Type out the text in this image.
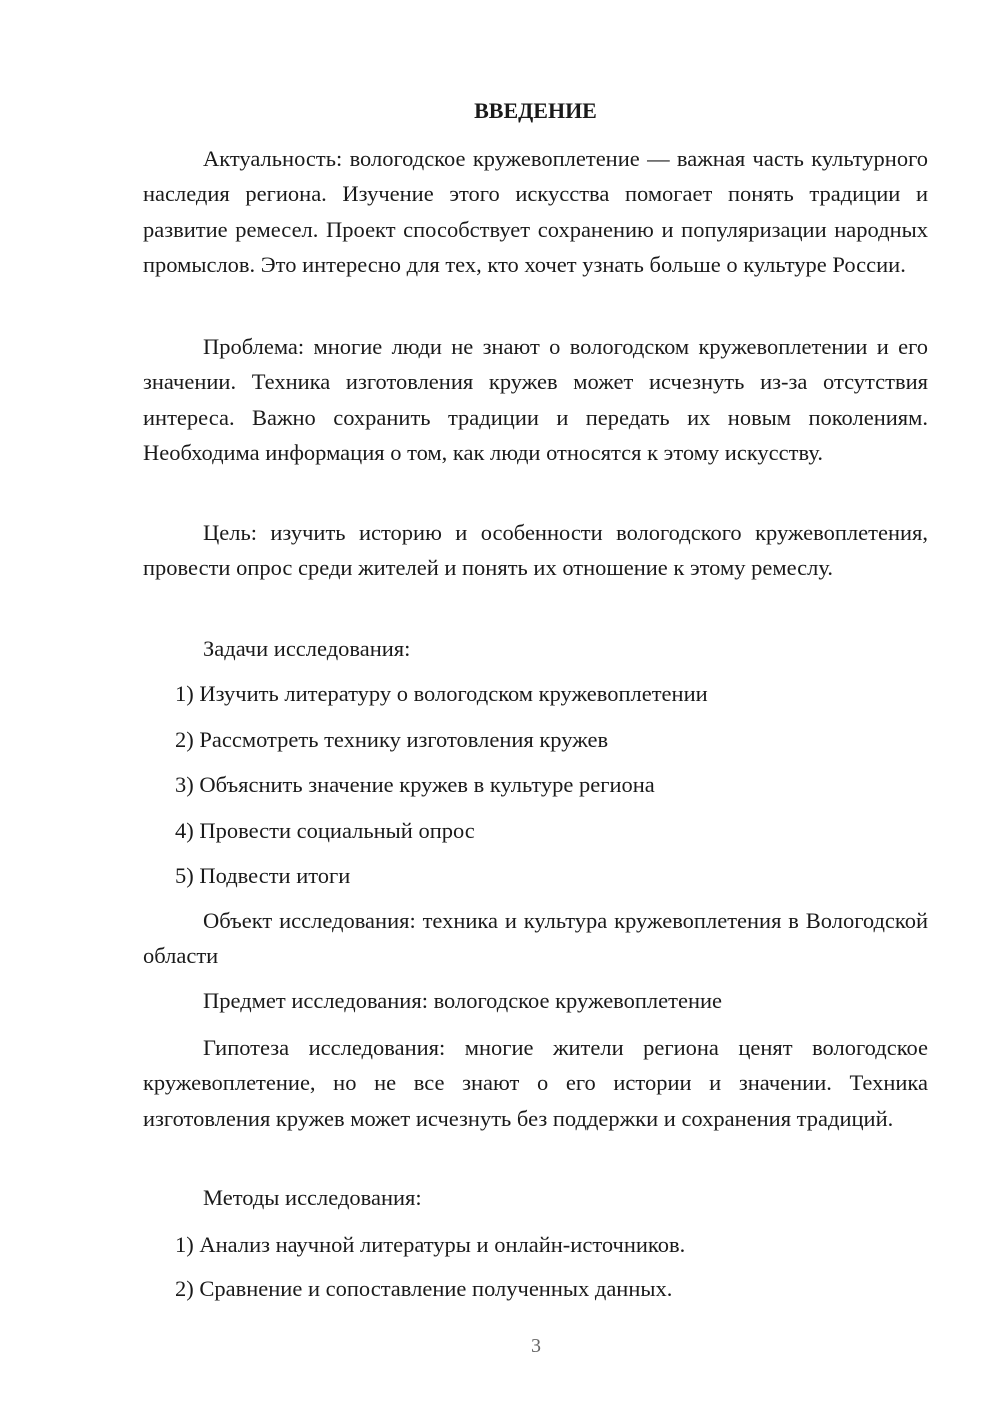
ВВЕДЕНИЕ

Актуальность: вологодское кружевоплетение — важная часть культурного наследия региона. Изучение этого искусства помогает понять традиции и развитие ремесел. Проект способствует сохранению и популяризации народных промыслов. Это интересно для тех, кто хочет узнать больше о культуре России.

Проблема: многие люди не знают о вологодском кружевоплетении и его значении. Техника изготовления кружев может исчезнуть из-за отсутствия интереса. Важно сохранить традиции и передать их новым поколениям. Необходима информация о том, как люди относятся к этому искусству.

Цель: изучить историю и особенности вологодского кружевоплетения, провести опрос среди жителей и понять их отношение к этому ремеслу.

Задачи исследования:

1) Изучить литературу о вологодском кружевоплетении

2) Рассмотреть технику изготовления кружев

3) Объяснить значение кружев в культуре региона

4) Провести социальный опрос

5) Подвести итоги

Объект исследования: техника и культура кружевоплетения в Вологодской области

Предмет исследования: вологодское кружевоплетение

Гипотеза исследования: многие жители региона ценят вологодское кружевоплетение, но не все знают о его истории и значении. Техника изготовления кружев может исчезнуть без поддержки и сохранения традиций.

Методы исследования:

1) Анализ научной литературы и онлайн-источников.

2) Сравнение и сопоставление полученных данных.

3
